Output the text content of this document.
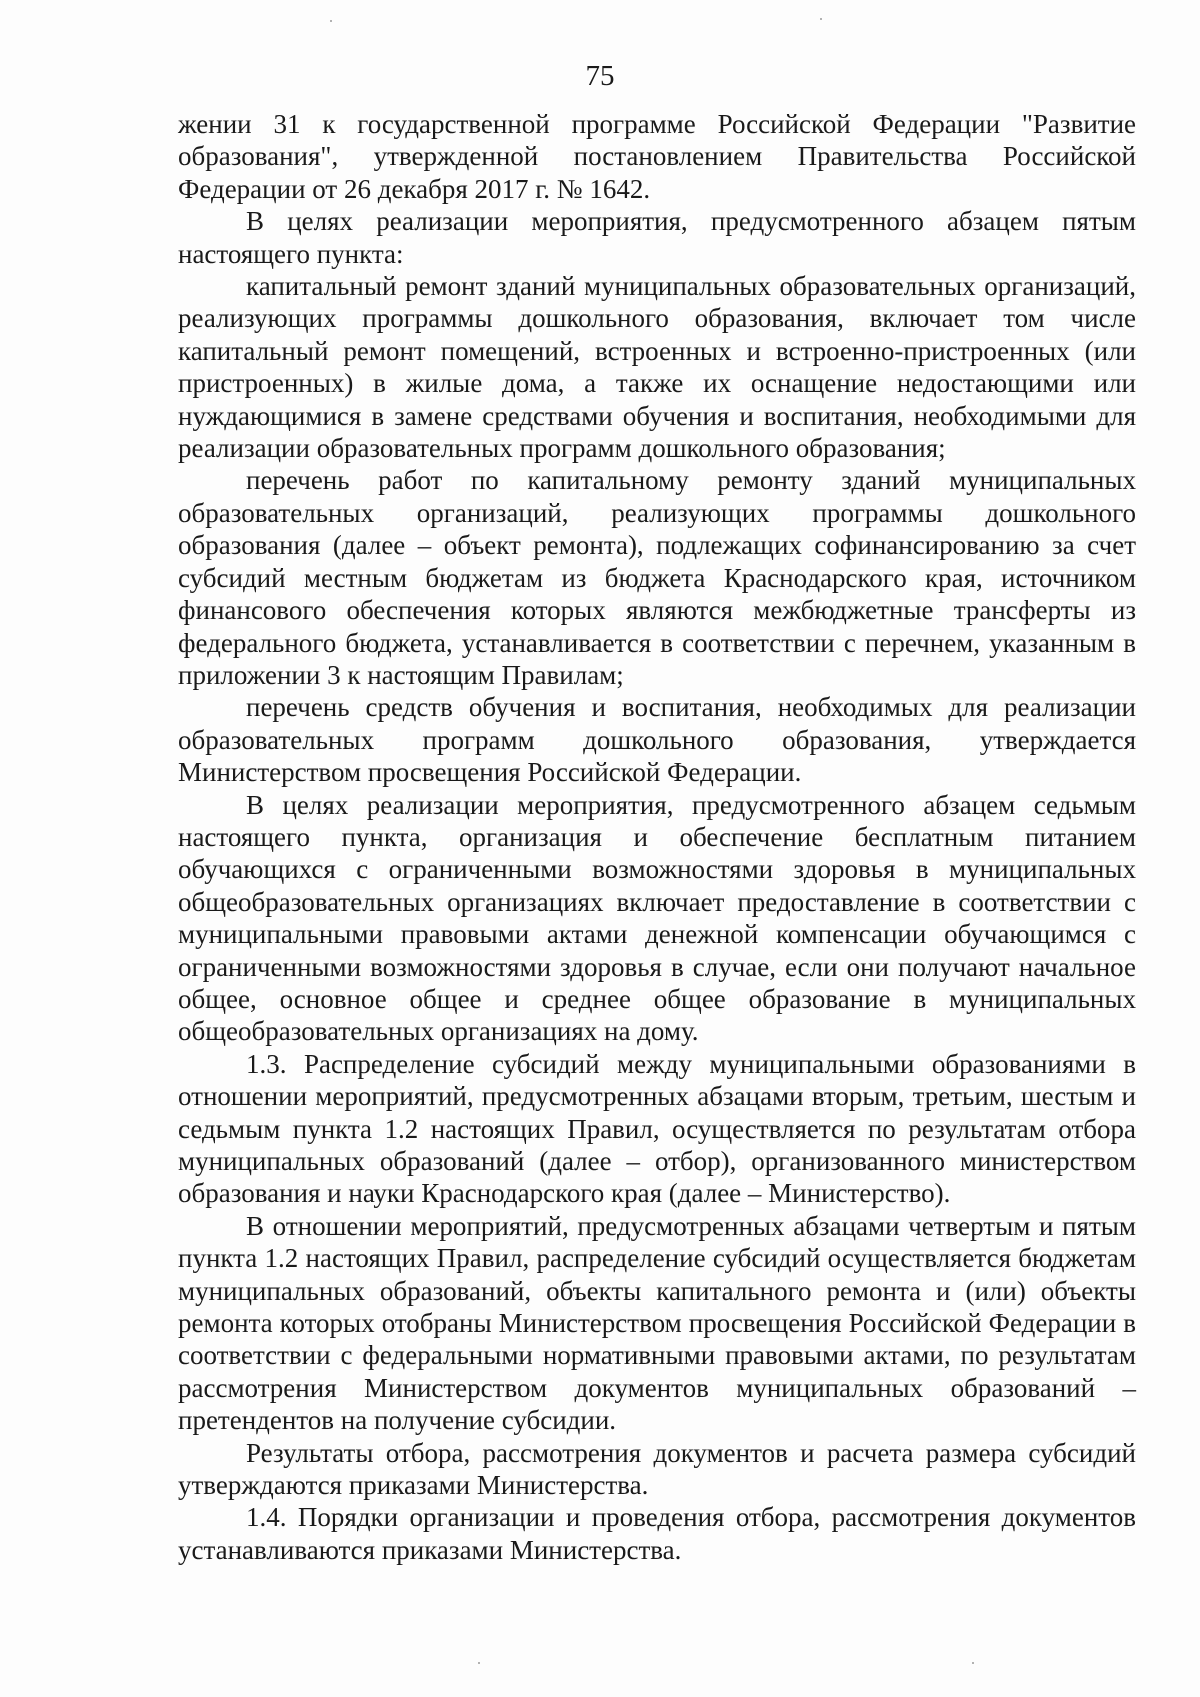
75

жении 31 к государственной программе Российской Федерации "Развитие образования", утвержденной постановлением Правительства Российской Федерации от 26 декабря 2017 г. № 1642.

В целях реализации мероприятия, предусмотренного абзацем пятым настоящего пункта:

капитальный ремонт зданий муниципальных образовательных организаций, реализующих программы дошкольного образования, включает том числе капитальный ремонт помещений, встроенных и встроенно-пристроенных (или пристроенных) в жилые дома, а также их оснащение недостающими или нуждающимися в замене средствами обучения и воспитания, необходимыми для реализации образовательных программ дошкольного образования;

перечень работ по капитальному ремонту зданий муниципальных образовательных организаций, реализующих программы дошкольного образования (далее – объект ремонта), подлежащих софинансированию за счет субсидий местным бюджетам из бюджета Краснодарского края, источником финансового обеспечения которых являются межбюджетные трансферты из федерального бюджета, устанавливается в соответствии с перечнем, указанным в приложении 3 к настоящим Правилам;

перечень средств обучения и воспитания, необходимых для реализации образовательных программ дошкольного образования, утверждается Министерством просвещения Российской Федерации.

В целях реализации мероприятия, предусмотренного абзацем седьмым настоящего пункта, организация и обеспечение бесплатным питанием обучающихся с ограниченными возможностями здоровья в муниципальных общеобразовательных организациях включает предоставление в соответствии с муниципальными правовыми актами денежной компенсации обучающимся с ограниченными возможностями здоровья в случае, если они получают начальное общее, основное общее и среднее общее образование в муниципальных общеобразовательных организациях на дому.

1.3. Распределение субсидий между муниципальными образованиями в отношении мероприятий, предусмотренных абзацами вторым, третьим, шестым и седьмым пункта 1.2 настоящих Правил, осуществляется по результатам отбора муниципальных образований (далее – отбор), организованного министерством образования и науки Краснодарского края (далее – Министерство).

В отношении мероприятий, предусмотренных абзацами четвертым и пятым пункта 1.2 настоящих Правил, распределение субсидий осуществляется бюджетам муниципальных образований, объекты капитального ремонта и (или) объекты ремонта которых отобраны Министерством просвещения Российской Федерации в соответствии с федеральными нормативными правовыми актами, по результатам рассмотрения Министерством документов муниципальных образований – претендентов на получение субсидии.

Результаты отбора, рассмотрения документов и расчета размера субсидий утверждаются приказами Министерства.

1.4. Порядки организации и проведения отбора, рассмотрения документов устанавливаются приказами Министерства.
